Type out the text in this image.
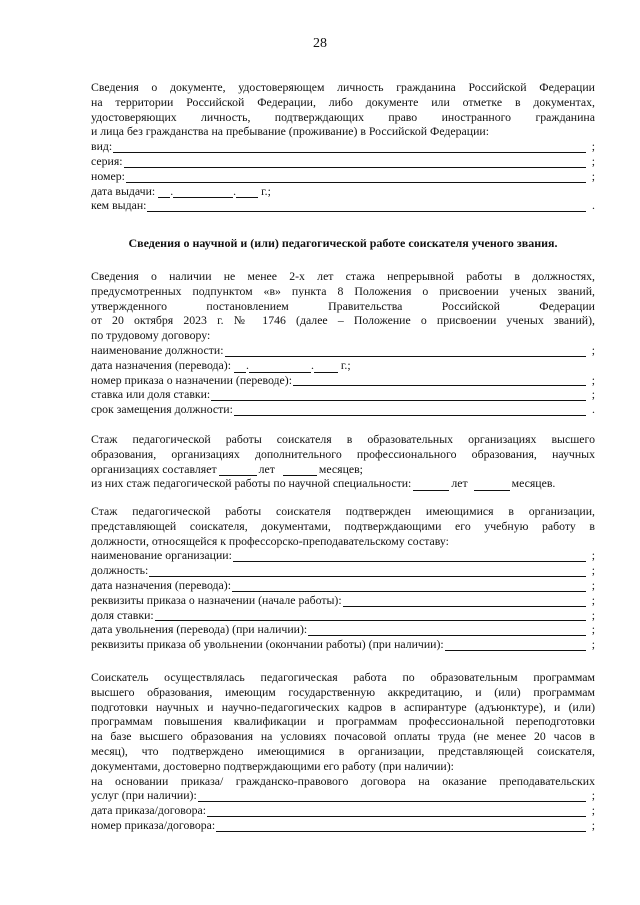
28
Сведения о документе, удостоверяющем личность гражданина Российской Федерации
на территории Российской Федерации, либо документе или отметке в документах,
удостоверяющих личность, подтверждающих право иностранного гражданина
и лица без гражданства на пребывание (проживание) в Российской Федерации:
вид:	;
серия:	;
номер:	;
дата выдачи: .	. г.;
кем выдан:	.
Сведения о научной и (или) педагогической работе соискателя ученого звания.
Сведения о наличии не менее 2-х лет стажа непрерывной работы в должностях,
предусмотренных подпунктом «в» пункта 8 Положения о присвоении ученых званий,
утвержденного постановлением Правительства Российской Федерации
от 20 октября 2023 г. № 1746 (далее – Положение о присвоении ученых званий),
по трудовому договору:
наименование должности:	;
дата назначения (перевода): .	. г.;
номер приказа о назначении (переводе):	;
ставка или доля ставки:	;
срок замещения должности:	.
Стаж педагогической работы соискателя в образовательных организациях высшего
образования, организациях дополнительного профессионального образования, научных
организациях составляет	лет	месяцев;
из них стаж педагогической работы по научной специальности:	лет	месяцев.
Стаж педагогической работы соискателя подтвержден имеющимися в организации,
представляющей соискателя, документами, подтверждающими его учебную работу в
должности, относящейся к профессорско-преподавательскому составу:
наименование организации:	;
должность:	;
дата назначения (перевода):	;
реквизиты приказа о назначении (начале работы):	;
доля ставки:	;
дата увольнения (перевода) (при наличии):	;
реквизиты приказа об увольнении (окончании работы) (при наличии):	;
Соискатель осуществлялась педагогическая работа по образовательным программам
высшего образования, имеющим государственную аккредитацию, и (или) программам
подготовки научных и научно-педагогических кадров в аспирантуре (адъюнктуре), и (или)
программам повышения квалификации и программам профессиональной переподготовки
на базе высшего образования на условиях почасовой оплаты труда (не менее 20 часов в
месяц), что подтверждено имеющимися в организации, представляющей соискателя,
документами, достоверно подтверждающими его работу (при наличии):
на основании приказа/ гражданско-правового договора на оказание преподавательских
услуг (при наличии):	;
дата приказа/договора:	;
номер приказа/договора:	;
